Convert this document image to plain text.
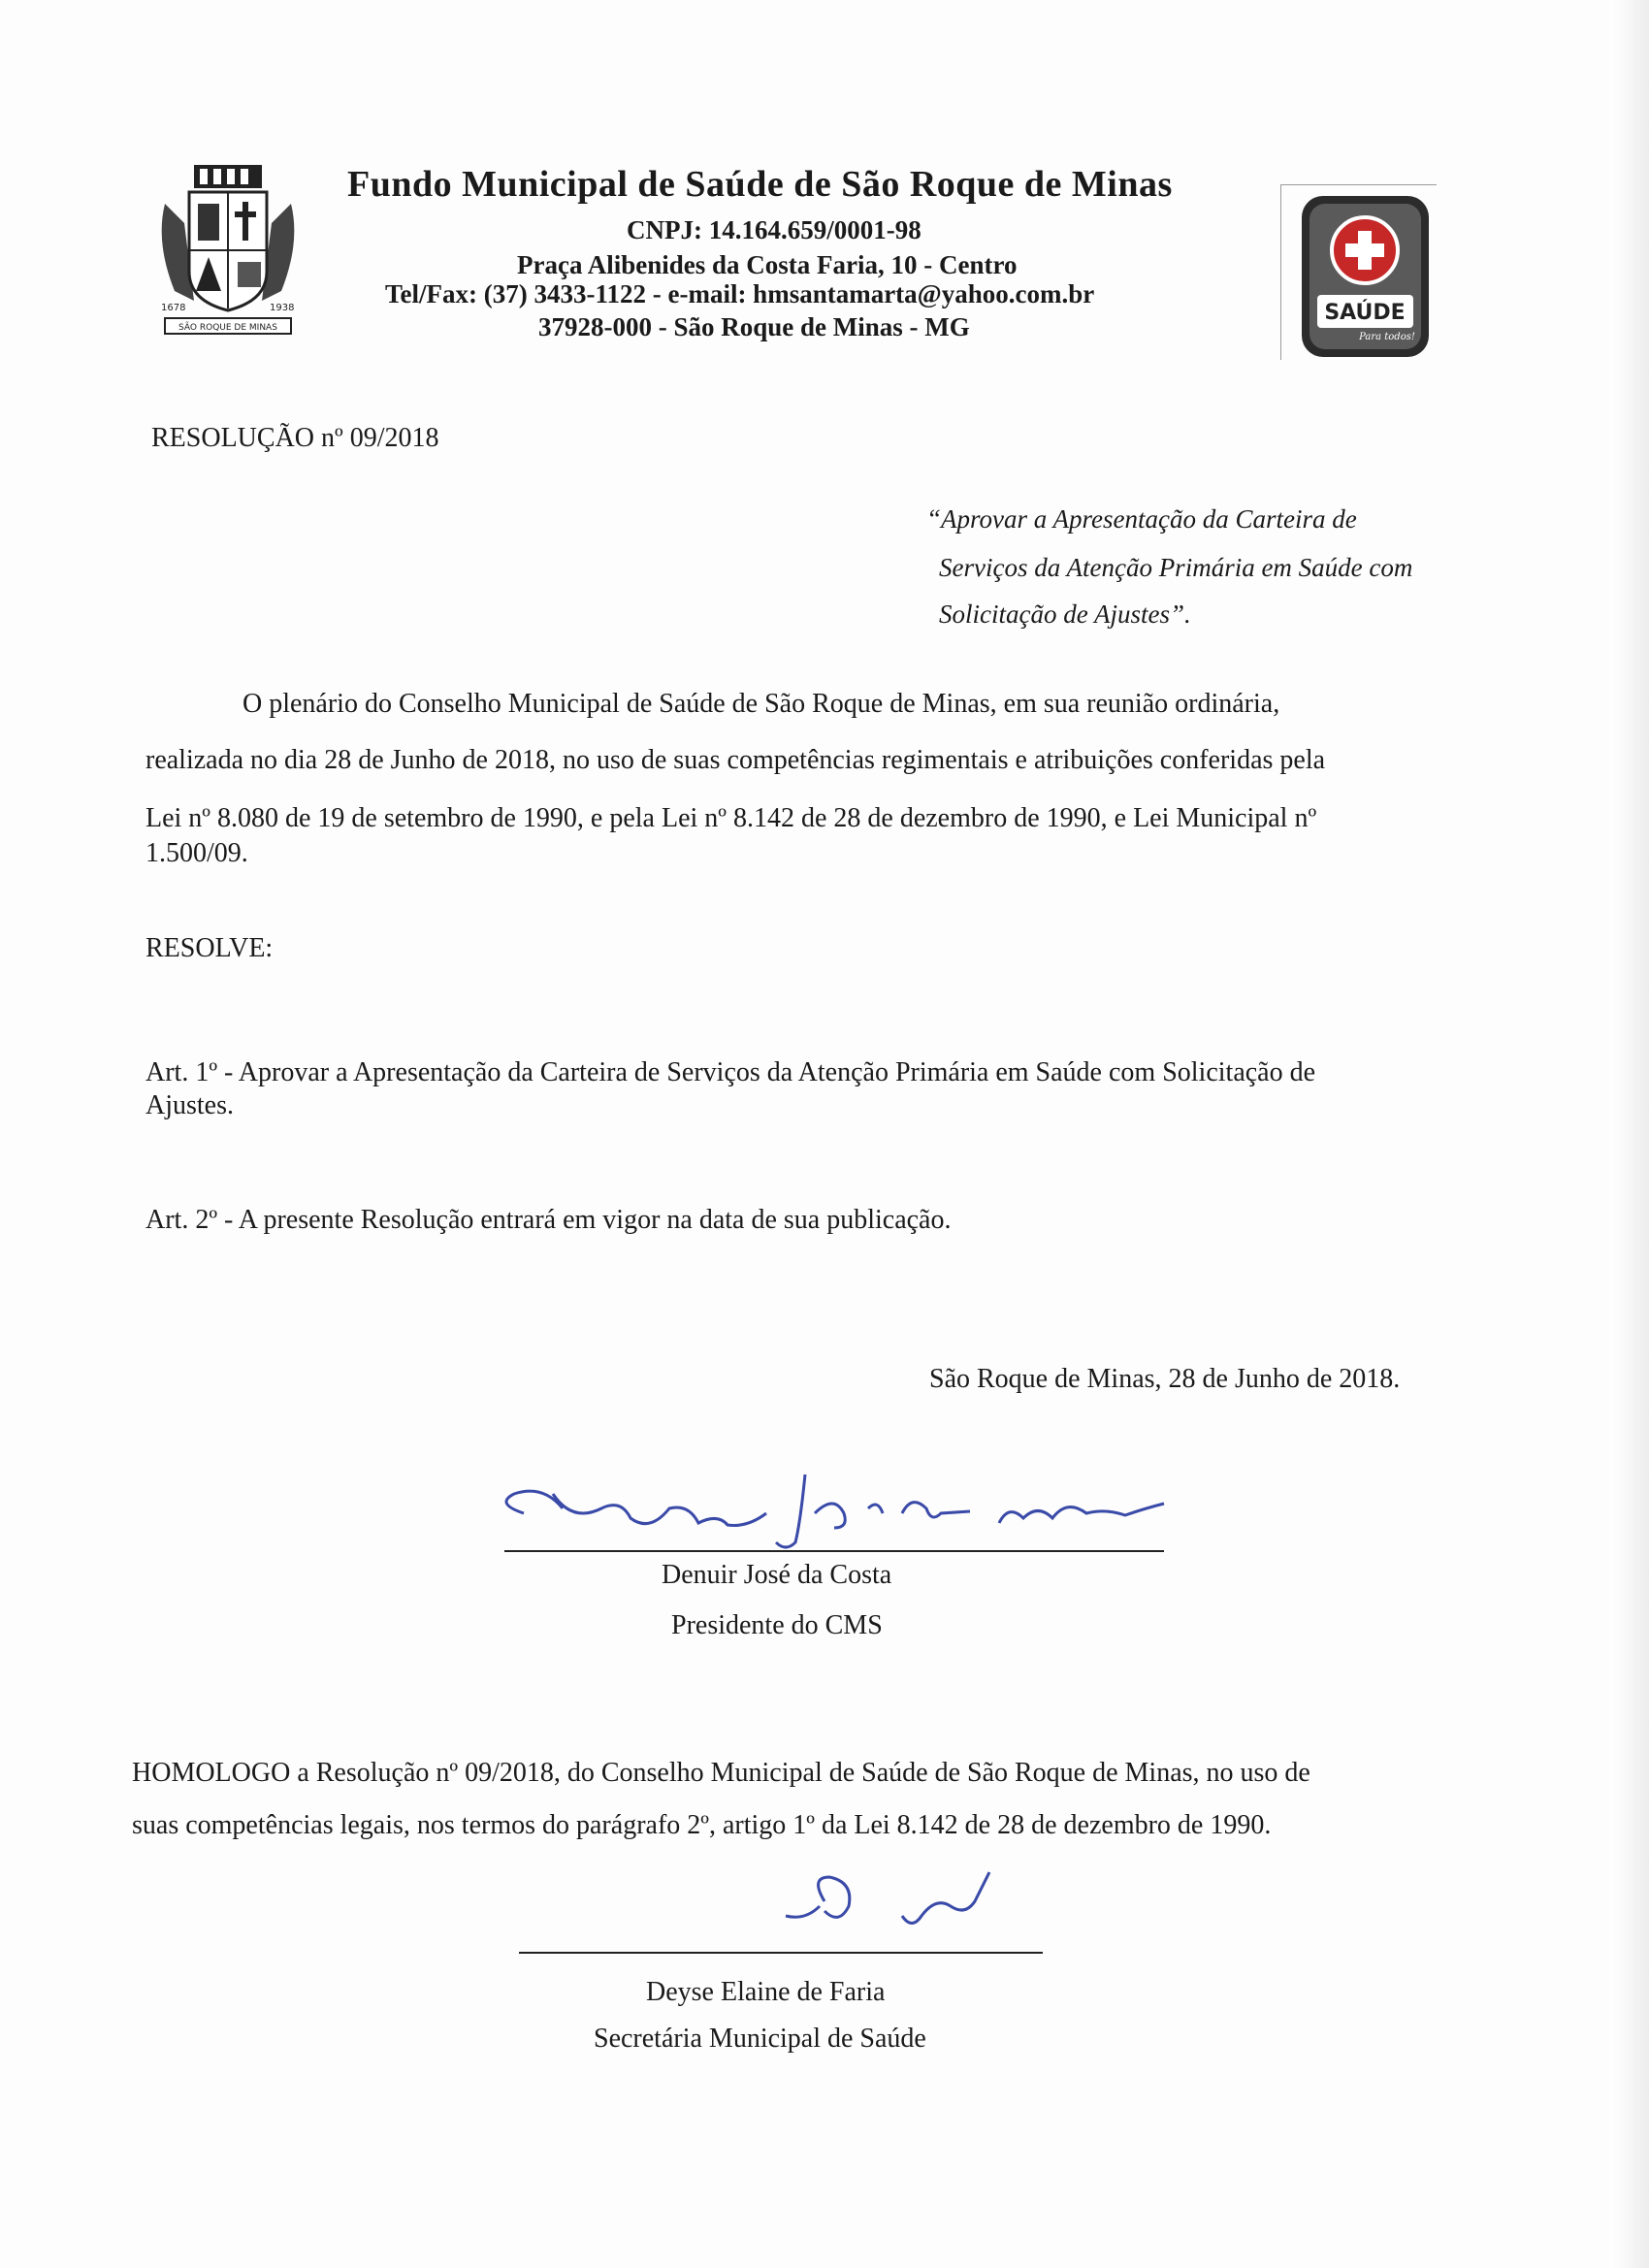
1678	1938
SÃO ROQUE DE MINAS
Fundo Municipal de Saúde de São Roque de Minas
CNPJ: 14.164.659/0001-98
Praça Alibenides da Costa Faria, 10 - Centro
Tel/Fax: (37) 3433-1122 - e-mail: hmsantamarta@yahoo.com.br
37928-000 - São Roque de Minas - MG	SAÚDE
Para todos!
RESOLUÇÃO nº 09/2018
“Aprovar a Apresentação da Carteira de
Serviços da Atenção Primária em Saúde com
Solicitação de Ajustes”.
O plenário do Conselho Municipal de Saúde de São Roque de Minas, em sua reunião ordinária,
realizada no dia 28 de Junho de 2018, no uso de suas competências regimentais e atribuições conferidas pela
Lei nº 8.080 de 19 de setembro de 1990, e pela Lei nº 8.142 de 28 de dezembro de 1990, e Lei Municipal nº
1.500/09.
RESOLVE:
Art. 1º - Aprovar a Apresentação da Carteira de Serviços da Atenção Primária em Saúde com Solicitação de
Ajustes.
Art. 2º - A presente Resolução entrará em vigor na data de sua publicação.
São Roque de Minas, 28 de Junho de 2018.
Denuir José da Costa
Presidente do CMS
HOMOLOGO a Resolução nº 09/2018, do Conselho Municipal de Saúde de São Roque de Minas, no uso de
suas competências legais, nos termos do parágrafo 2º, artigo 1º da Lei 8.142 de 28 de dezembro de 1990.
Deyse Elaine de Faria
Secretária Municipal de Saúde
